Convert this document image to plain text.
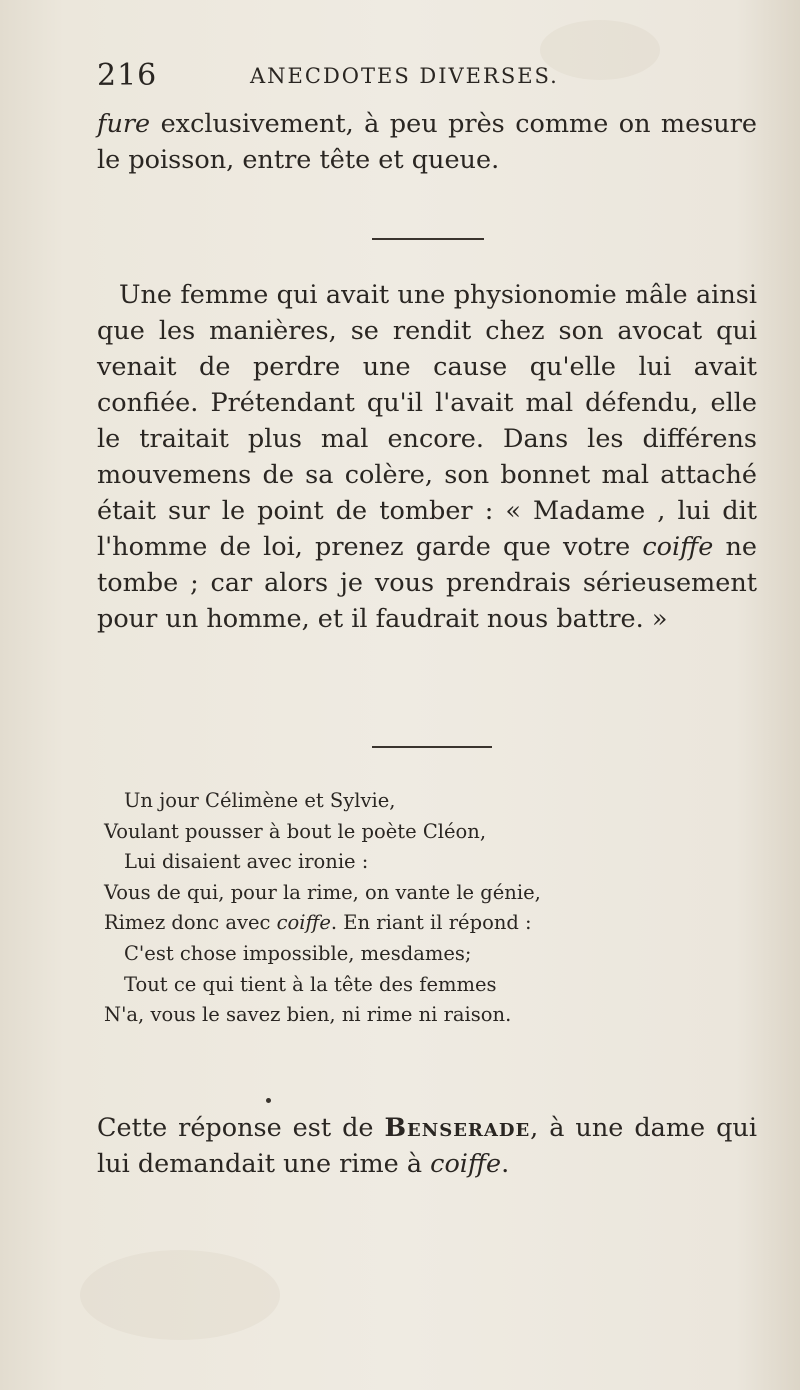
216	ANECDOTES DIVERSES.

fure exclusivement, à peu près comme on mesure le poisson, entre tête et queue.

Une femme qui avait une physionomie mâle ainsi que les manières, se rendit chez son avocat qui venait de perdre une cause qu'elle lui avait confiée. Prétendant qu'il l'avait mal défendu, elle le traitait plus mal encore. Dans les différens mouvemens de sa colère, son bonnet mal attaché était sur le point de tomber : « Madame , lui dit l'homme de loi, prenez garde que votre coiffe ne tombe ; car alors je vous prendrais sérieusement pour un homme, et il faudrait nous battre. »

Un jour Célimène et Sylvie,
Voulant pousser à bout le poète Cléon,
Lui disaient avec ironie :
Vous de qui, pour la rime, on vante le génie,
Rimez donc avec coiffe. En riant il répond :
C'est chose impossible, mesdames;
Tout ce qui tient à la tête des femmes
N'a, vous le savez bien, ni rime ni raison.

Cette réponse est de Benserade, à une dame qui lui demandait une rime à coiffe.
